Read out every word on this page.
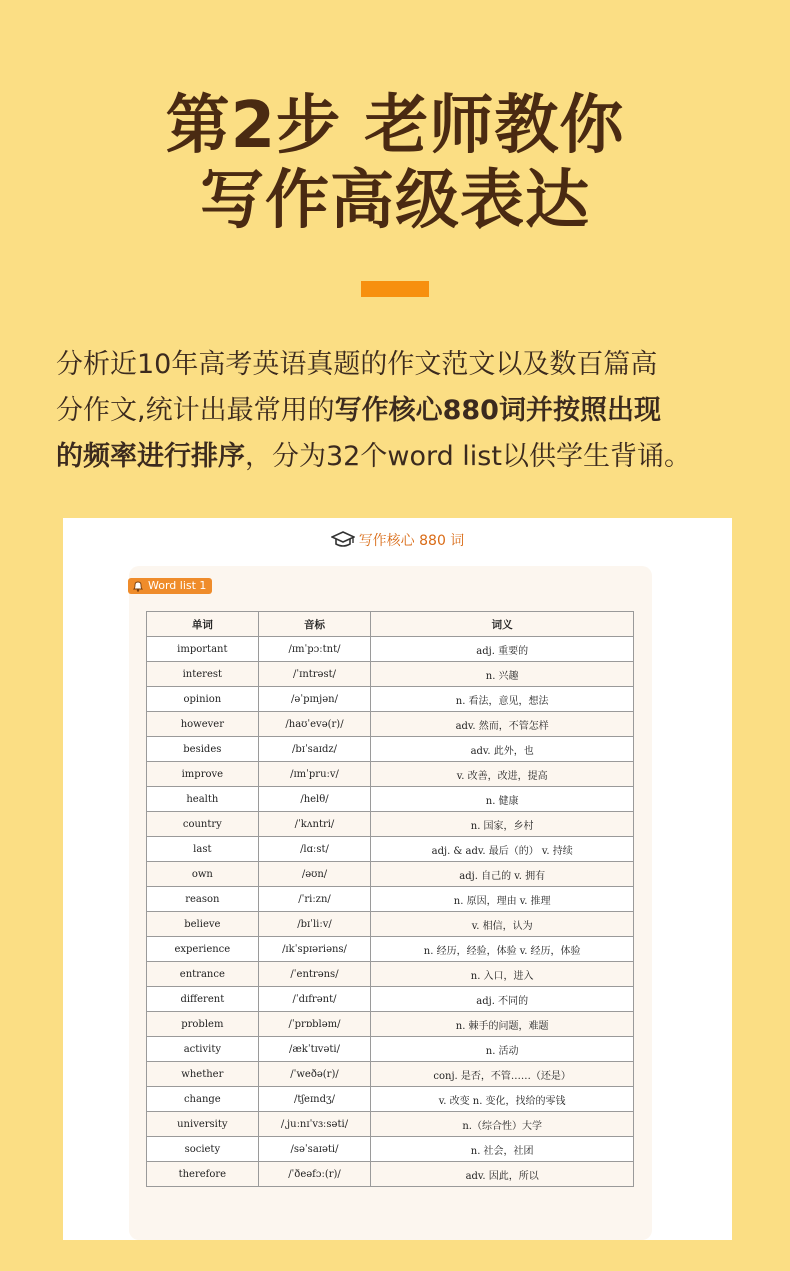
第2步 老师教你
写作高级表达
分析近10年高考英语真题的作文范文以及数百篇高
分作文,统计出最常用的写作核心880词并按照出现
的频率进行排序，分为32个word list以供学生背诵。
写作核心 880 词
Word list 1
单词	音标	词义
important	/ɪmˈpɔːtnt/	adj. 重要的
interest	/ˈɪntrəst/	n. 兴趣
opinion	/əˈpɪnjən/	n. 看法，意见，想法
however	/haʊˈevə(r)/	adv. 然而，不管怎样
besides	/bɪˈsaɪdz/	adv. 此外，也
improve	/ɪmˈpruːv/	v. 改善，改进，提高
health	/helθ/	n. 健康
country	/ˈkʌntri/	n. 国家，乡村
last	/lɑːst/	adj. & adv. 最后（的） v. 持续
own	/əʊn/	adj. 自己的 v. 拥有
reason	/ˈriːzn/	n. 原因，理由 v. 推理
believe	/bɪˈliːv/	v. 相信，认为
experience	/ɪkˈspɪəriəns/	n. 经历，经验，体验 v. 经历，体验
entrance	/ˈentrəns/	n. 入口，进入
different	/ˈdɪfrənt/	adj. 不同的
problem	/ˈprɒbləm/	n. 棘手的问题，难题
activity	/ækˈtɪvəti/	n. 活动
whether	/ˈweðə(r)/	conj. 是否，不管……（还是）
change	/tʃeɪndʒ/	v. 改变 n. 变化，找给的零钱
university	/ˌjuːnɪˈvɜːsəti/	n.（综合性）大学
society	/səˈsaɪəti/	n. 社会，社团
therefore	/ˈðeəfɔː(r)/	adv. 因此，所以
